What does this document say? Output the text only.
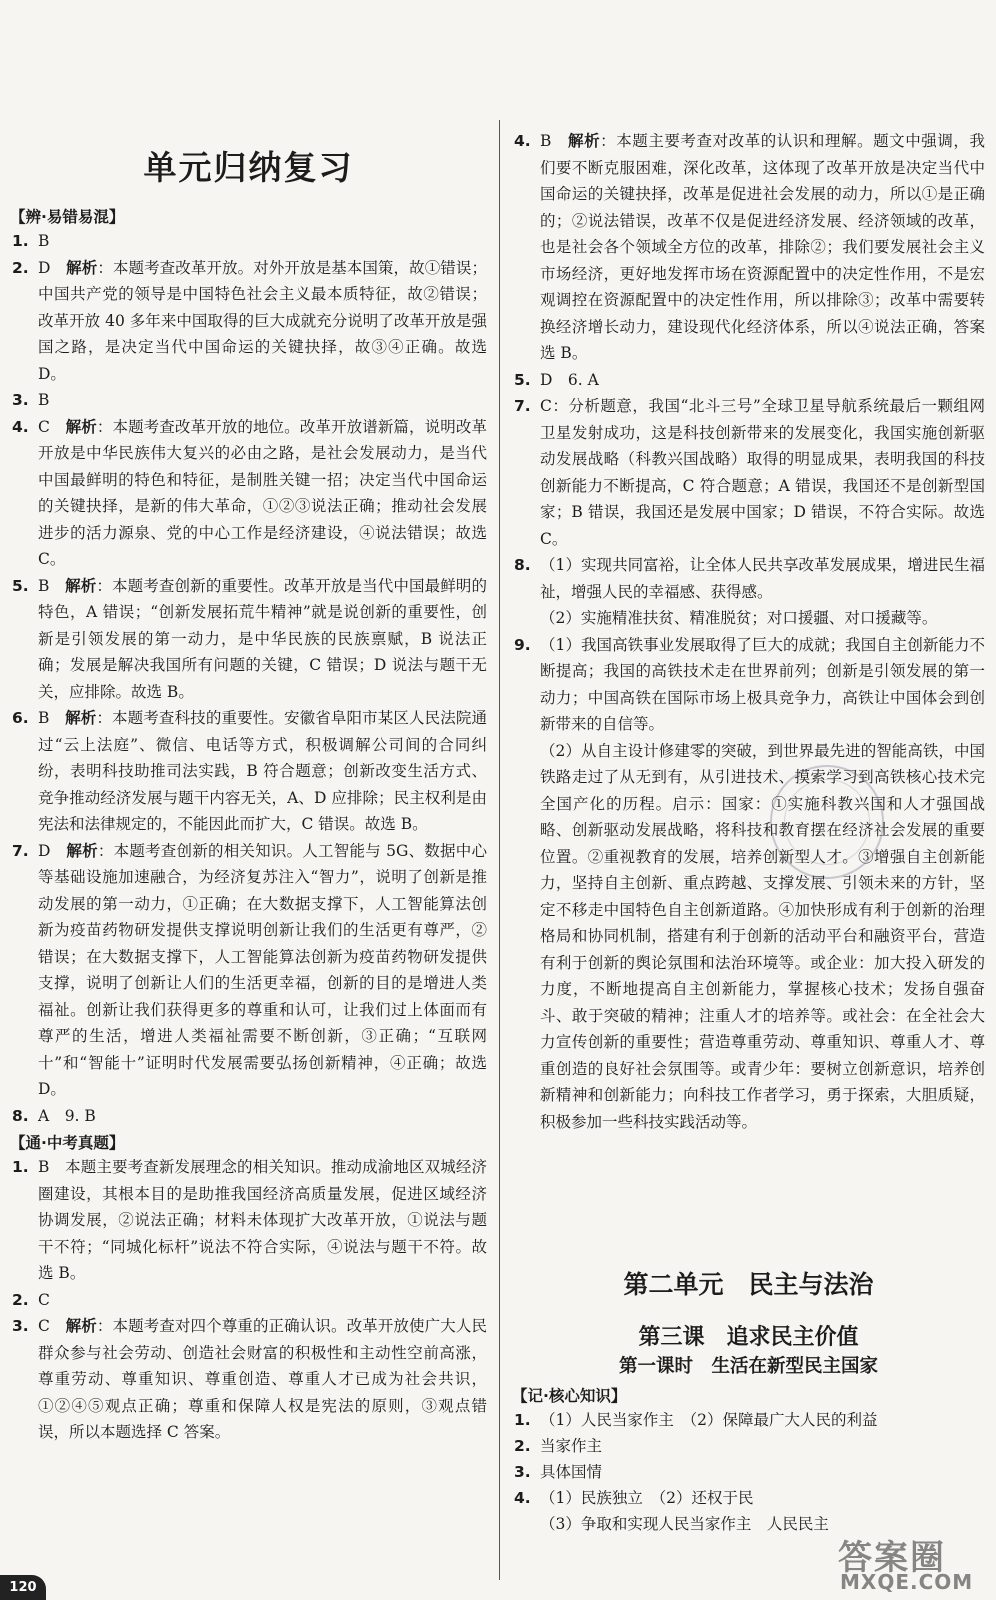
单元归纳复习
【辨·易错易混】
1. B
2. D　 解析：本题考查改革开放。对外开放是基本国策，故①错误；中国共产党的领导是中国特色社会主义最本质特征，故②错误；改革开放 40 多年来中国取得的巨大成就充分说明了改革开放是强国之路，是决定当代中国命运的关键抉择，故③④正确。故选 D。
3. B
4. C　 解析：本题考查改革开放的地位。改革开放谱新篇，说明改革开放是中华民族伟大复兴的必由之路，是社会发展动力，是当代中国最鲜明的特色和特征，是制胜关键一招；决定当代中国命运的关键抉择，是新的伟大革命，①②③说法正确；推动社会发展进步的活力源泉、党的中心工作是经济建设，④说法错误；故选 C。
5. B　 解析：本题考查创新的重要性。改革开放是当代中国最鲜明的特色，A 错误；“创新发展拓荒牛精神”就是说创新的重要性，创新是引领发展的第一动力，是中华民族的民族禀赋，B 说法正确；发展是解决我国所有问题的关键，C 错误；D 说法与题干无关，应排除。故选 B。
6. B　 解析：本题考查科技的重要性。安徽省阜阳市某区人民法院通过“云上法庭”、微信、电话等方式，积极调解公司间的合同纠纷，表明科技助推司法实践，B 符合题意；创新改变生活方式、竞争推动经济发展与题干内容无关，A、D 应排除；民主权利是由宪法和法律规定的，不能因此而扩大，C 错误。故选 B。
7. D　 解析：本题考查创新的相关知识。人工智能与 5G、数据中心等基础设施加速融合，为经济复苏注入“智力”，说明了创新是推动发展的第一动力，①正确；在大数据支撑下，人工智能算法创新为疫苗药物研发提供支撑说明创新让我们的生活更有尊严，②错误；在大数据支撑下，人工智能算法创新为疫苗药物研发提供支撑，说明了创新让人们的生活更幸福，创新的目的是增进人类福祉。创新让我们获得更多的尊重和认可，让我们过上体面而有尊严的生活，增进人类福祉需要不断创新，③正确；“互联网十”和“智能十”证明时代发展需要弘扬创新精神，④正确；故选 D。
8. A　9. B
【通·中考真题】
1. B　本题主要考查新发展理念的相关知识。推动成渝地区双城经济圈建设，其根本目的是助推我国经济高质量发展，促进区域经济协调发展，②说法正确；材料未体现扩大改革开放，①说法与题干不符；“同城化标杆”说法不符合实际，④说法与题干不符。故选 B。
2. C
3. C　 解析：本题考查对四个尊重的正确认识。改革开放使广大人民群众参与社会劳动、创造社会财富的积极性和主动性空前高涨，尊重劳动、尊重知识、尊重创造、尊重人才已成为社会共识，①②④⑤观点正确；尊重和保障人权是宪法的原则，③观点错误，所以本题选择 C 答案。
4. B　 解析：本题主要考查对改革的认识和理解。题文中强调，我们要不断克服困难，深化改革，这体现了改革开放是决定当代中国命运的关键抉择，改革是促进社会发展的动力，所以①是正确的；②说法错误，改革不仅是促进经济发展、经济领域的改革，也是社会各个领域全方位的改革，排除②；我们要发展社会主义市场经济，更好地发挥市场在资源配置中的决定性作用，不是宏观调控在资源配置中的决定性作用，所以排除③；改革中需要转换经济增长动力，建设现代化经济体系，所以④说法正确，答案选 B。
5. D　6. A
7. C：分析题意，我国“北斗三号”全球卫星导航系统最后一颗组网卫星发射成功，这是科技创新带来的发展变化，我国实施创新驱动发展战略（科教兴国战略）取得的明显成果，表明我国的科技创新能力不断提高，C 符合题意；A 错误，我国还不是创新型国家；B 错误，我国还是发展中国家；D 错误，不符合实际。故选 C。
8. （1）实现共同富裕，让全体人民共享改革发展成果，增进民生福祉，增强人民的幸福感、获得感。
（2）实施精准扶贫、精准脱贫；对口援疆、对口援藏等。
9. （1）我国高铁事业发展取得了巨大的成就；我国自主创新能力不断提高；我国的高铁技术走在世界前列；创新是引领发展的第一动力；中国高铁在国际市场上极具竞争力，高铁让中国体会到创新带来的自信等。
（2）从自主设计修建零的突破，到世界最先进的智能高铁，中国铁路走过了从无到有，从引进技术、摸索学习到高铁核心技术完全国产化的历程。启示：国家：①实施科教兴国和人才强国战略、创新驱动发展战略，将科技和教育摆在经济社会发展的重要位置。②重视教育的发展，培养创新型人才。③增强自主创新能力，坚持自主创新、重点跨越、支撑发展、引领未来的方针，坚定不移走中国特色自主创新道路。④加快形成有利于创新的治理格局和协同机制，搭建有利于创新的活动平台和融资平台，营造有利于创新的舆论氛围和法治环境等。或企业：加大投入研发的力度，不断地提高自主创新能力，掌握核心技术；发扬自强奋斗、敢于突破的精神；注重人才的培养等。或社会：在全社会大力宣传创新的重要性；营造尊重劳动、尊重知识、尊重人才、尊重创造的良好社会氛围等。或青少年：要树立创新意识，培养创新精神和创新能力；向科技工作者学习，勇于探索，大胆质疑，积极参加一些科技实践活动等。
第二单元　民主与法治
第三课　追求民主价值
第一课时　生活在新型民主国家
【记·核心知识】
1. （1）人民当家作主　（2）保障最广大人民的利益
2. 当家作主
3. 具体国情
4. （1）民族独立　（2）还权于民
（3）争取和实现人民当家作主　人民民主
120
答案圈
MXQE.COM
